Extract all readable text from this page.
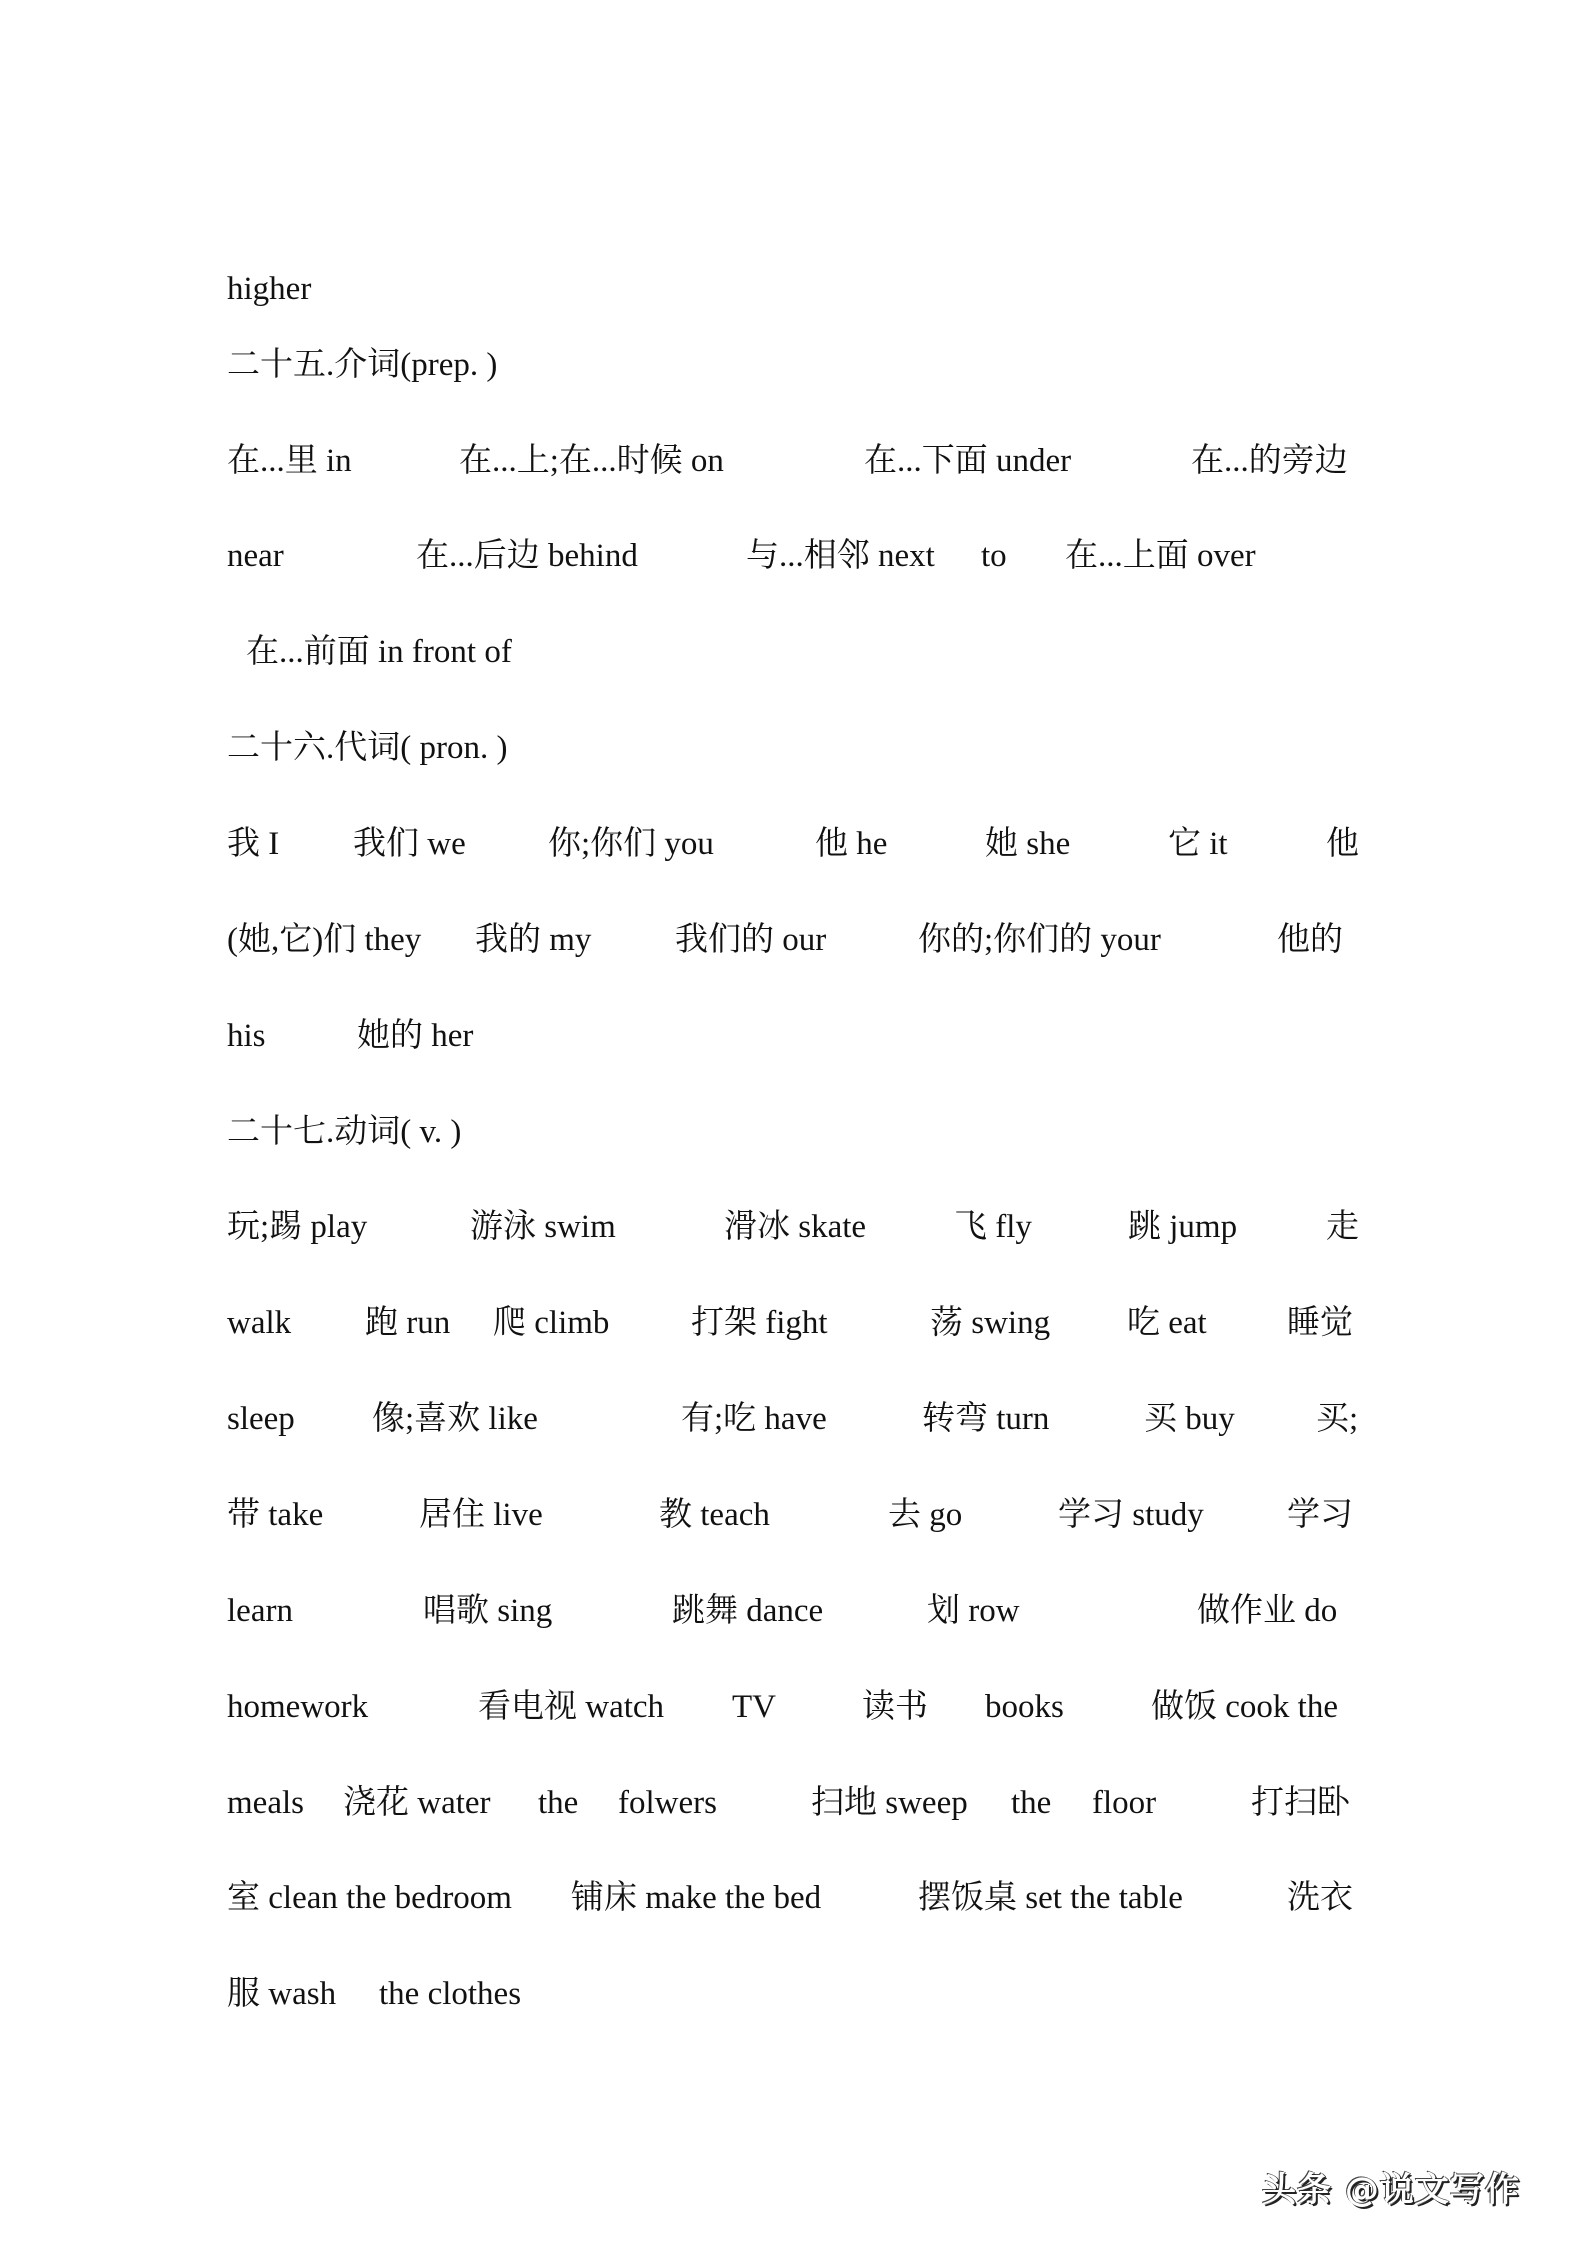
higher
二十五.介词(prep. )
在...里 in	在...上;在...时候 on	在...下面 under	在...的旁边
near	在...后边 behind	与...相邻 next to 在...上面 over
在...前面 in front of
二十六.代词( pron. )
我 I 我们 we 你;你们 you	他 he	她 she	它 it	他
(她,它)们 they 我的 my	我们的 our	你的;你们的 your	他的
his	她的 her
二十七.动词( v. )
玩;踢 play	游泳 swim	滑冰 skate	飞 fly	跳 jump	走
walk 跑 run 爬 climb 打架 fight	荡 swing 吃 eat 睡觉
sleep 像;喜欢 like	有;吃 have	转弯 turn	买 buy 买;
带 take	居住 live	教 teach	去 go	学习 study	学习
learn	唱歌 sing	跳舞 dance	划 row	做作业 do
homework	看电视 watch TV	读书 books	做饭 cook the
meals 浇花 water the folwers	扫地 sweep the floor	打扫卧
室 clean the bedroom 铺床 make the bed	摆饭桌 set the table	洗衣
服 wash the clothes
头条 @说文写作
